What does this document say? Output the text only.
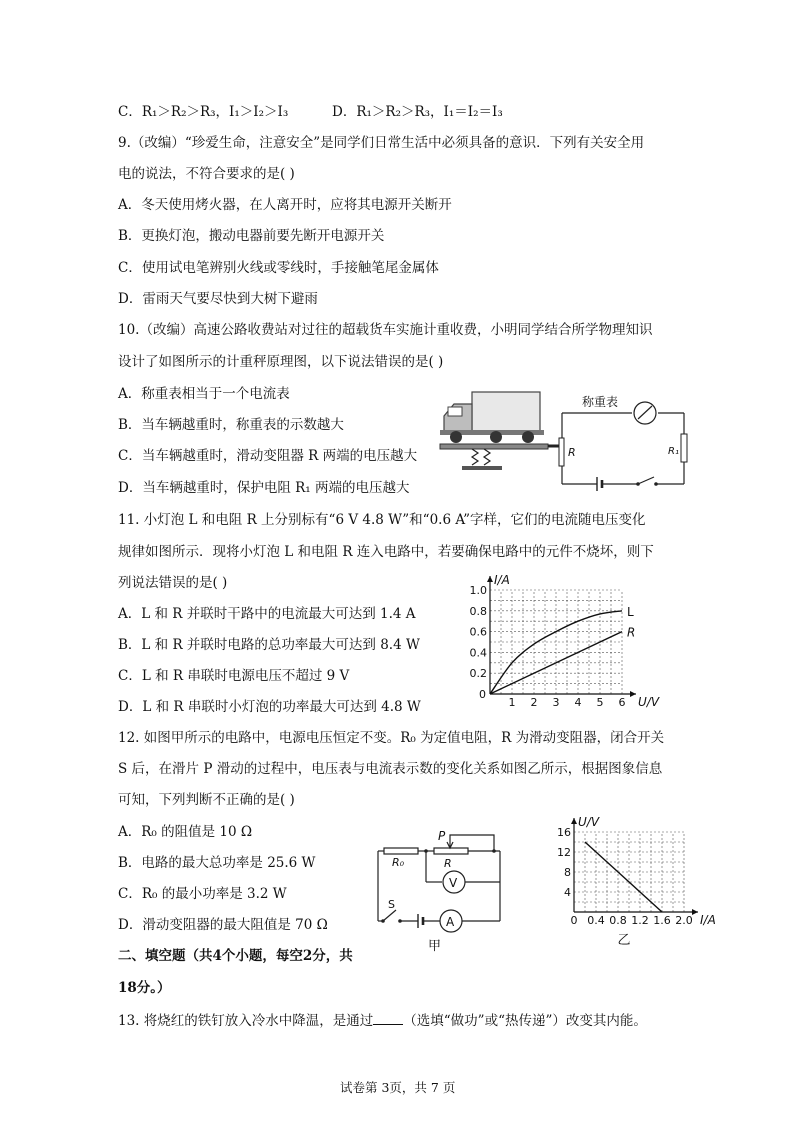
C．R₁＞R₂＞R₃，I₁＞I₂＞I₃	D．R₁＞R₂＞R₃，I₁＝I₂＝I₃
9.（改编）“珍爱生命，注意安全”是同学们日常生活中必须具备的意识．下列有关安全用
电的说法，不符合要求的是( )
A．冬天使用烤火器，在人离开时，应将其电源开关断开
B．更换灯泡，搬动电器前要先断开电源开关
C．使用试电笔辨别火线或零线时，手接触笔尾金属体
D．雷雨天气要尽快到大树下避雨
10.（改编）高速公路收费站对过往的超载货车实施计重收费，小明同学结合所学物理知识
设计了如图所示的计重秤原理图，以下说法错误的是( )
A．称重表相当于一个电流表
B．当车辆越重时，称重表的示数越大
C．当车辆越重时，滑动变阻器 R 两端的电压越大
D．当车辆越重时，保护电阻 R₁ 两端的电压越大
R
称重表
R₁
11. 小灯泡 L 和电阻 R 上分别标有“6 V 4.8 W”和“0.6 A”字样，它们的电流随电压变化
规律如图所示．现将小灯泡 L 和电阻 R 连入电路中，若要确保电路中的元件不烧坏，则下
列说法错误的是( )
A．L 和 R 并联时干路中的电流最大可达到 1.4 A
B．L 和 R 并联时电路的总功率最大可达到 8.4 W
C．L 和 R 串联时电源电压不超过 9 V
D．L 和 R 串联时小灯泡的功率最大可达到 4.8 W	1 2 3 4 5 6
0.2
0.4
0.6
0.8
1.0
0
I/A
U/V
L
R
12. 如图甲所示的电路中，电源电压恒定不变。R₀ 为定值电阻，R 为滑动变阻器，闭合开关
S 后，在滑片 P 滑动的过程中，电压表与电流表示数的变化关系如图乙所示，根据图象信息
可知，下列判断不正确的是( )
A．R₀ 的阻值是 10 Ω
B．电路的最大总功率是 25.6 W
C．R₀ 的最小功率是 3.2 W
D．滑动变阻器的最大阻值是 70 Ω
R₀	R
P
V
S
A
甲
0 0.4 0.8 1.2 1.6 2.0
4
8
12
16
U/V
I/A
乙
二、填空题（共4个小题，每空2分，共
18分。）
13. 将烧红的铁钉放入冷水中降温，是通过 （选填“做功”或“热传递”）改变其内能。
试卷第 3页，共 7 页
